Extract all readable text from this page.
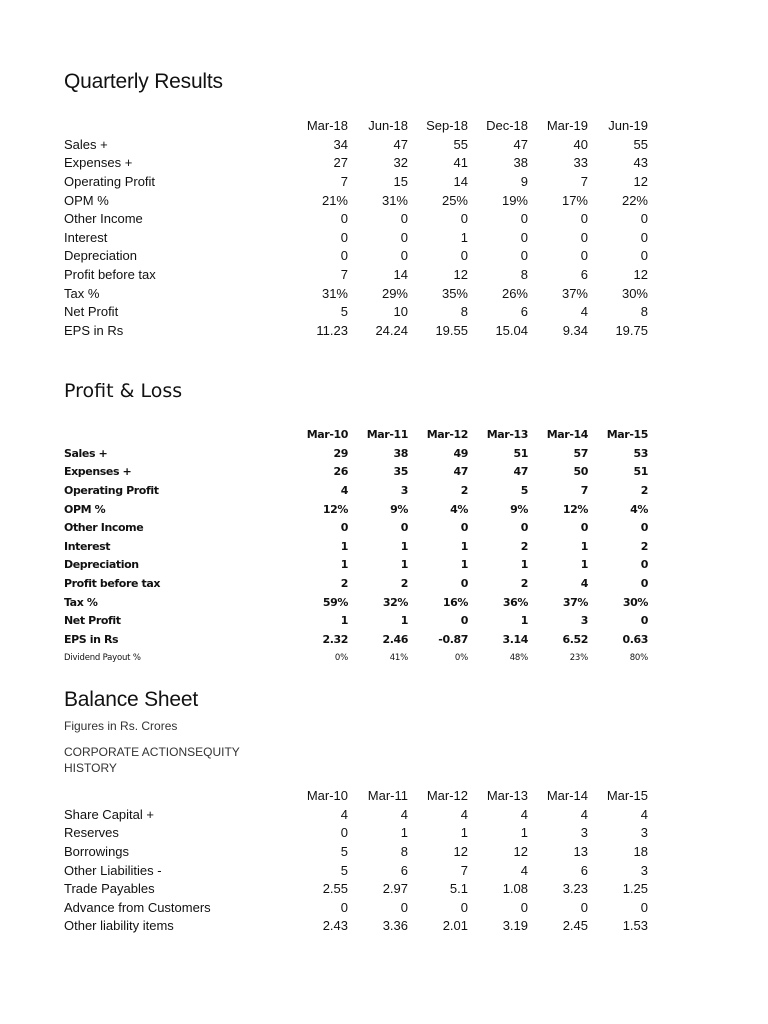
Quarterly Results
	Mar-18	Jun-18	Sep-18	Dec-18	Mar-19	Jun-19
Sales +	34	47	55	47	40	55
Expenses +	27	32	41	38	33	43
Operating Profit	7	15	14	9	7	12
OPM %	21%	31%	25%	19%	17%	22%
Other Income	0	0	0	0	0	0
Interest	0	0	1	0	0	0
Depreciation	0	0	0	0	0	0
Profit before tax	7	14	12	8	6	12
Tax %	31%	29%	35%	26%	37%	30%
Net Profit	5	10	8	6	4	8
EPS in Rs	11.23	24.24	19.55	15.04	9.34	19.75
Profit & Loss
	Mar-10	Mar-11	Mar-12	Mar-13	Mar-14	Mar-15
Sales +	29	38	49	51	57	53
Expenses +	26	35	47	47	50	51
Operating Profit	4	3	2	5	7	2
OPM %	12%	9%	4%	9%	12%	4%
Other Income	0	0	0	0	0	0
Interest	1	1	1	2	1	2
Depreciation	1	1	1	1	1	0
Profit before tax	2	2	0	2	4	0
Tax %	59%	32%	16%	36%	37%	30%
Net Profit	1	1	0	1	3	0
EPS in Rs	2.32	2.46	-0.87	3.14	6.52	0.63
Dividend Payout %	0%	41%	0%	48%	23%	80%
Balance Sheet

Figures in Rs. Crores

CORPORATE ACTIONSEQUITY

HISTORY

	Mar-10	Mar-11	Mar-12	Mar-13	Mar-14	Mar-15
Share Capital +	4	4	4	4	4	4
Reserves	0	1	1	1	3	3
Borrowings	5	8	12	12	13	18
Other Liabilities -	5	6	7	4	6	3
Trade Payables	2.55	2.97	5.1	1.08	3.23	1.25
Advance from Customers	0	0	0	0	0	0
Other liability items	2.43	3.36	2.01	3.19	2.45	1.53
